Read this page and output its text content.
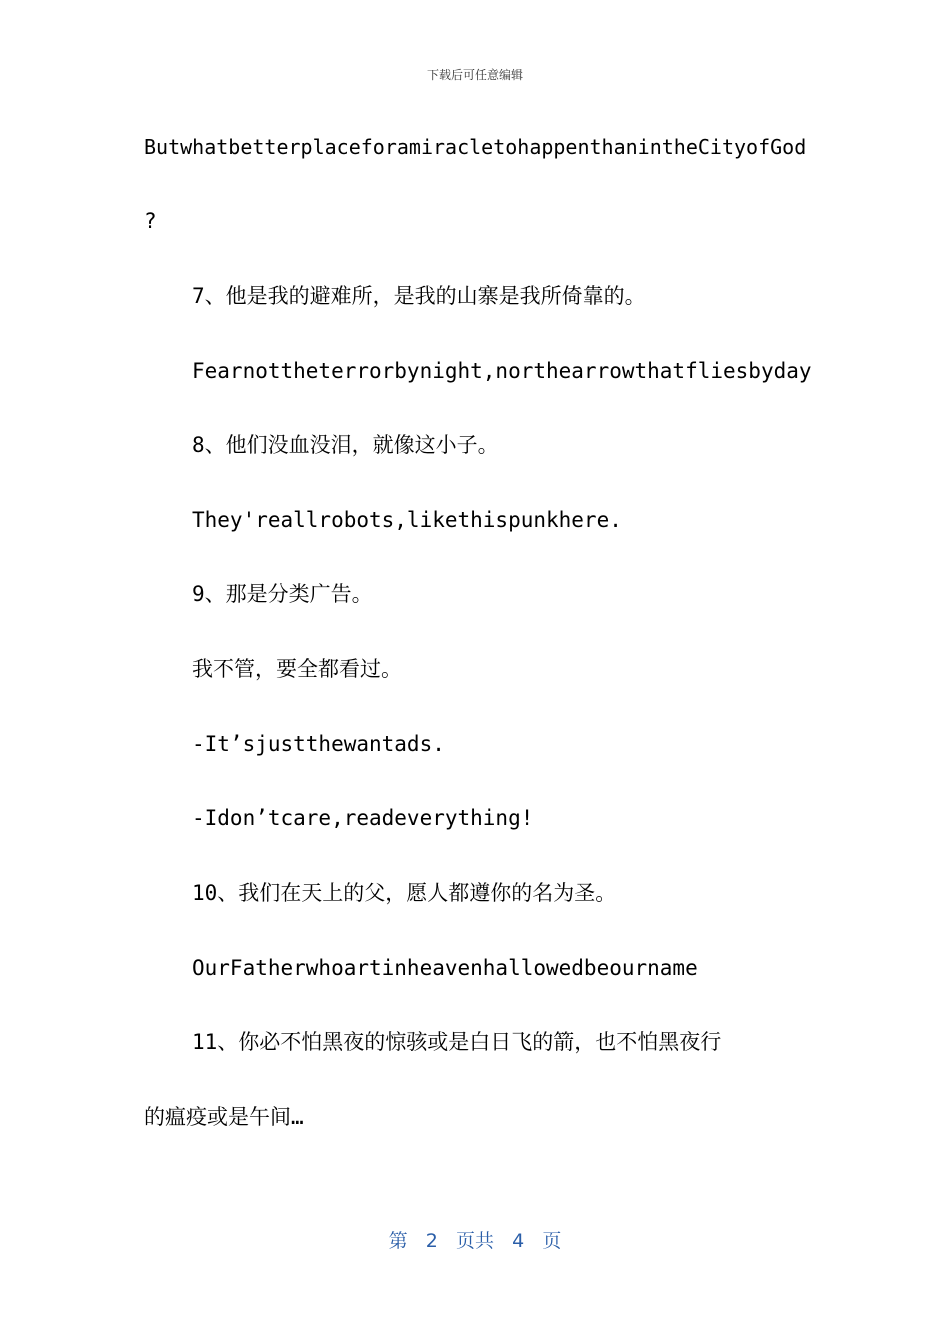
下载后可任意编辑
ButwhatbetterplaceforamiracletohappenthanintheCityofGod
?
7、他是我的避难所，是我的山寨是我所倚靠的。
Fearnottheterrorbynight,northearrowthatfliesbyday
8、他们没血没泪，就像这小子。
They'reallrobots,likethispunkhere.
9、那是分类广告。
我不管，要全都看过。
-It’sjustthewantads.
-Idon’tcare,readeverything!
10、我们在天上的父，愿人都遵你的名为圣。
OurFatherwhoartinheavenhallowedbeourname
11、你必不怕黑夜的惊骇或是白日飞的箭，也不怕黑夜行
的瘟疫或是午间…
第 2 页共 4 页
